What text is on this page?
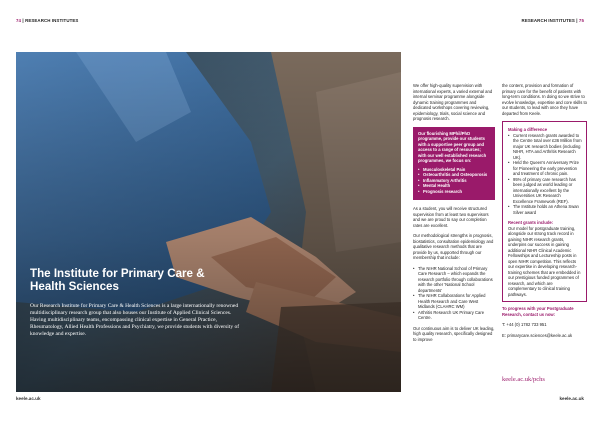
74 | RESEARCH INSTITUTES	RESEARCH INSTITUTES | 75
The Institute for Primary Care & Health Sciences

Our Research Institute for Primary Care & Health Sciences is a large internationally renowned multidisciplinary research group that also houses our Institute of Applied Clinical Sciences. Having multidisciplinary teams, encompassing clinical expertise in General Practice, Rheumatology, Allied Health Professions and Psychiatry, we provide students with diversity of knowledge and expertise.

We offer high-quality supervision with international experts, a varied external and internal seminar programme alongside dynamic training programmes and dedicated workshops covering reviewing, epidemiology, trials, social science and prognosis research.

Our flourishing MPhil/PhD programme, provide our students with a supportive peer group and access to a range of resources; with our well established research programmes, we focus on:

• Musculoskeletal Pain
• Osteoarthritis and Osteoporosis
• Inflammatory Arthritis
• Mental Health
• Prognosis research

As a student, you will receive structured supervision from at least two supervisors and we are proud to say our completion rates are excellent.

Our methodological strengths in prognosis, biostatistics, consultation epidemiology and qualitative research methods that are provide by us, supported through our membership that include:

• The NIHR National School of Primary Care Research – which expands the research portfolio through collaborations with the other 'National School departments'
• The NIHR Collaborations for Applied Health Research and Care West Midlands (CLAHRC WM)
• Arthritis Research UK Primary Care Centre.

Our continuous aim is to deliver UK leading, high quality research, specifically designed to improve

the content, provision and formation of primary care for the benefit of patients with long-term conditions. In doing so we strive to evolve knowledge, expertise and core skills to our students, to lead with once they have departed from Keele.

Making a difference

• Current research grants awarded to the Centre total over £36 Million from major UK research bodies (including NIHR, HTA and Arthritis Research UK).
• Held the Queen's Anniversary Prize for Pioneering the early prevention and treatment of chronic pain.
• 95% of primary care research has been judged as world leading or internationally excellent by the Universities UK Research Excellence Framework (REF).
• The Institute holds an Athena Swan Silver award

Recent grants include:

Our model for postgraduate training, alongside our strong track record in gaining NIHR research grants, underpins our success in gaining additional NIHR Clinical Academic Fellowships and Lectureship posts in open NIHR competition. This reflects our expertise in developing research-training schemes that are embedded in our prestigious funded programmes of research, and which are complementary to clinical training pathways.

To progress with your Postgraduate Research, contact us now:

T: +44 (0) 1782 733 951

E: primarycare.sciences@keele.ac.uk

keele.ac.uk/pchs
keele.ac.uk	keele.ac.uk
